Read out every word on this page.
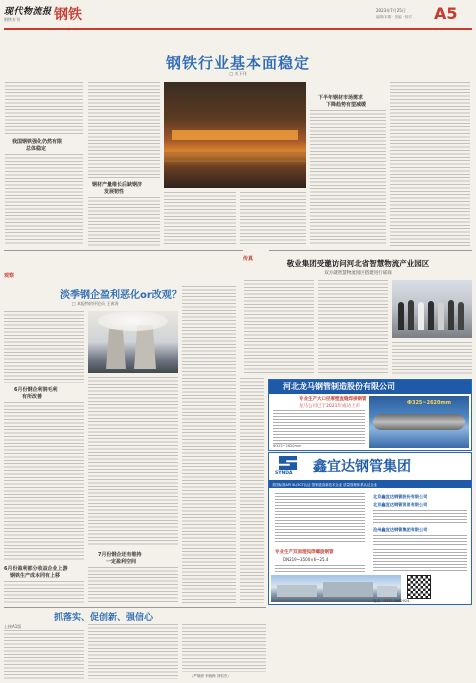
现代物流报
钢铁专刊 钢铁	2023年7月25日
编辑/本期 · 美编 · 校对 A5
钢铁行业基本面稳定
□ 关下刊
我国钢铁强化仍然有限
总体稳定
钢材产量维长后缺钢济
发展韧性
下半年钢材市场需求
下降趋势有望减缓
传真	敬业集团受邀访问河北省智慧物流产业园区
双方就智慧物流园区搭建进行磋商
观察
淡季钢企盈利恶化or改观？
□ 本报特约评论员 王寅涛
6月份钢企利润毛利
有所改善
6月份盈利部分收益企业上游
钢铁生产成本同有上移
7月份钢企还有维持
一定盈利空间
河北龙马钢管制造股份有限公司
专业生产大口径厚壁直缝焊接钢管
龙马公司已于2021年成功上市
Ф325~2620mm
Ф325~2620mm
SYNDA 鑫宜达钢管集团
美国标准API 5L/5CT认证 国家级高新技术企业 质量管理体系认证企业
北京鑫宜达钢管股份有限公司
北京鑫宜达钢管贸易有限公司
沧州鑫宜达钢管集团有限公司
专业生产双面埋弧焊螺旋钢管
DN219~3500×6~25.4
电话：0317-3062924
抓落实、促创新、强信心
上接A1版
（严晓婷 李晓梅 刘恒杰）
